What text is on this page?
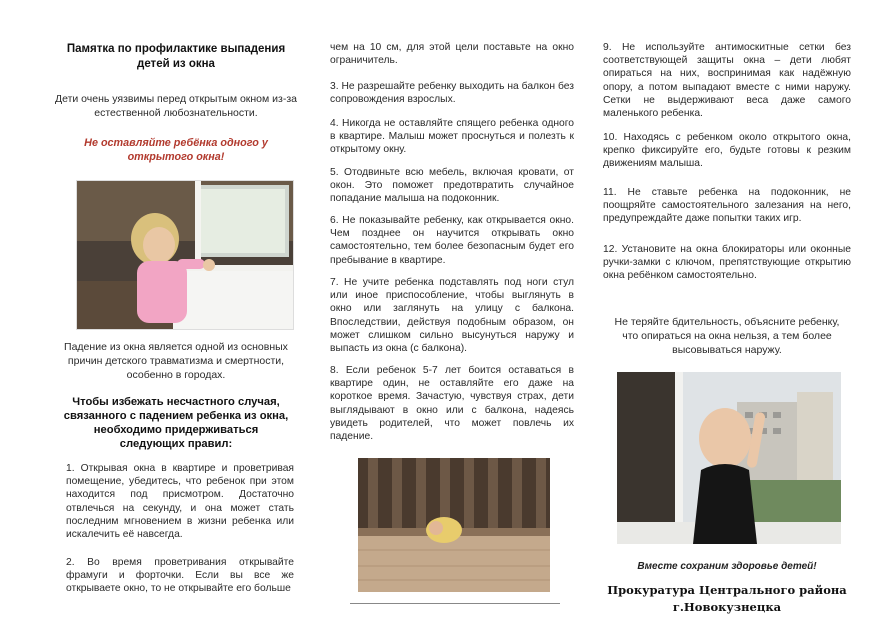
Памятка по профилактике выпадения детей из окна
Дети очень уязвимы перед открытым окном из-за естественной любознательности.
Не оставляйте ребёнка одного у открытого окна!
Падение из окна является одной из основных причин детского травматизма и смертности, особенно в городах.
Чтобы избежать несчастного случая, связанного с падением ребенка из окна, необходимо придерживаться следующих правил:
1. Открывая окна в квартире и проветривая помещение, убедитесь, что ребенок при этом находится под присмотром. Достаточно отвлечься на секунду, и она может стать последним мгновением в жизни ребенка или искалечить её навсегда.
2. Во время проветривания открывайте фрамуги и форточки. Если вы все же открываете окно, то не открывайте его больше
чем на 10 см, для этой цели поставьте на окно ограничитель.
3. Не разрешайте ребенку выходить на балкон без сопровождения взрослых.
4. Никогда не оставляйте спящего ребенка одного в квартире. Малыш может проснуться и полезть к открытому окну.
5. Отодвиньте всю мебель, включая кровати, от окон. Это поможет предотвратить случайное попадание малыша на подоконник.
6. Не показывайте ребенку, как открывается окно. Чем позднее он научится открывать окно самостоятельно, тем более безопасным будет его пребывание в квартире.
7. Не учите ребенка подставлять под ноги стул или иное приспособление, чтобы выглянуть в окно или заглянуть на улицу с балкона. Впоследствии, действуя подобным образом, он может слишком сильно высунуться наружу и выпасть из окна (с балкона).
8. Если ребенок 5-7 лет боится оставаться в квартире один, не оставляйте его даже на короткое время. Зачастую, чувствуя страх, дети выглядывают в окно или с балкона, надеясь увидеть родителей, что может повлечь их падение.
9. Не используйте антимоскитные сетки без соответствующей защиты окна – дети любят опираться на них, воспринимая как надёжную опору, а потом выпадают вместе с ними наружу. Сетки не выдерживают веса даже самого маленького ребенка.
10. Находясь с ребенком около открытого окна, крепко фиксируйте его, будьте готовы к резким движениям малыша.
11. Не ставьте ребенка на подоконник, не поощряйте самостоятельного залезания на него, предупреждайте даже попытки таких игр.
12. Установите на окна блокираторы или оконные ручки-замки с ключом, препятствующие открытию окна ребёнком самостоятельно.
Не теряйте бдительность, объясните ребенку, что опираться на окна нельзя, а тем более высовываться наружу.
Вместе сохраним здоровье детей!
Прокуратура Центрального района
г.Новокузнецка
